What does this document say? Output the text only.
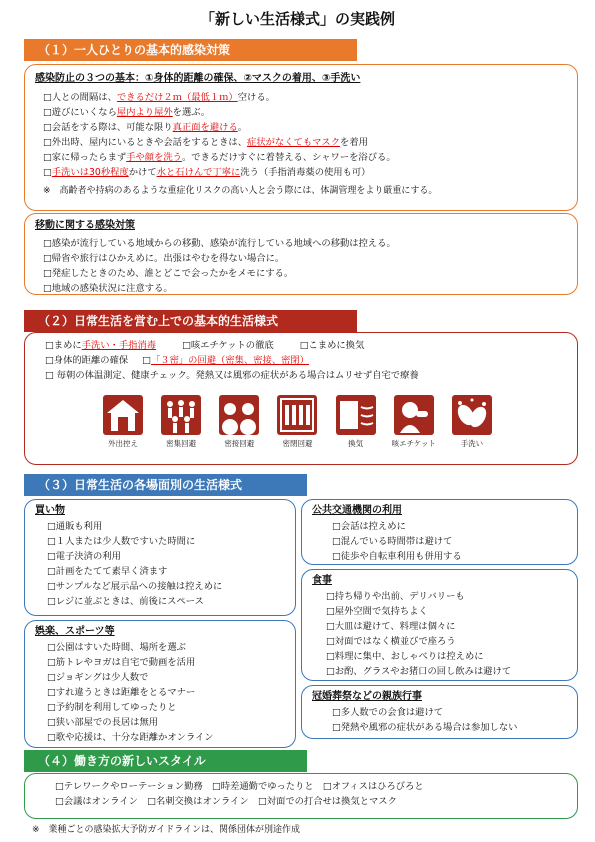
「新しい生活様式」の実践例
（１）一人ひとりの基本的感染対策
感染防止の３つの基本：①身体的距離の確保、②マスクの着用、③手洗い
□人との間隔は、できるだけ２ｍ（最低１ｍ）空ける。
□遊びにいくなら屋内より屋外を選ぶ。
□会話をする際は、可能な限り真正面を避ける。
□外出時、屋内にいるときや会話をするときは、症状がなくてもマスクを着用
□家に帰ったらまず手や顔を洗う。できるだけすぐに着替える、シャワーを浴びる。
□手洗いは30秒程度かけて水と石けんで丁寧に洗う（手指消毒薬の使用も可）
※　高齢者や持病のあるような重症化リスクの高い人と会う際には、体調管理をより厳重にする。
移動に関する感染対策
□感染が流行している地域からの移動、感染が流行している地域への移動は控える。
□帰省や旅行はひかえめに。出張はやむを得ない場合に。
□発症したときのため、誰とどこで会ったかをメモにする。
□地域の感染状況に注意する。
（２）日常生活を営む上での基本的生活様式
□まめに手洗い・手指消毒	□咳エチケットの徹底	□こまめに換気
□身体的距離の確保 □「３密」の回避（密集、密接、密閉）
□ 毎朝の体温測定、健康チェック。発熱又は風邪の症状がある場合はムリせず自宅で療養
外出控え	密集回避	密接回避	密閉回避	換気	咳エチケット	手洗い
（３）日常生活の各場面別の生活様式
買い物
□通販も利用
□１人または少人数ですいた時間に
□電子決済の利用
□計画をたてて素早く済ます
□サンプルなど展示品への接触は控えめに
□レジに並ぶときは、前後にスペース
娯楽、スポーツ等
□公園はすいた時間、場所を選ぶ
□筋トレやヨガは自宅で動画を活用
□ジョギングは少人数で
□すれ違うときは距離をとるマナー
□予約制を利用してゆったりと
□狭い部屋での長居は無用
□歌や応援は、十分な距離かオンライン
公共交通機関の利用
□会話は控えめに
□混んでいる時間帯は避けて
□徒歩や自転車利用も併用する
食事
□持ち帰りや出前、デリバリーも
□屋外空間で気持ちよく
□大皿は避けて、料理は個々に
□対面ではなく横並びで座ろう
□料理に集中、おしゃべりは控えめに
□お酌、グラスやお猪口の回し飲みは避けて
冠婚葬祭などの親族行事
□多人数での会食は避けて
□発熱や風邪の症状がある場合は参加しない
（４）働き方の新しいスタイル
□テレワークやローテーション勤務　□時差通勤でゆったりと　□オフィスはひろびろと
□会議はオンライン　□名刺交換はオンライン　□対面での打合せは換気とマスク
※　業種ごとの感染拡大予防ガイドラインは、関係団体が別途作成
